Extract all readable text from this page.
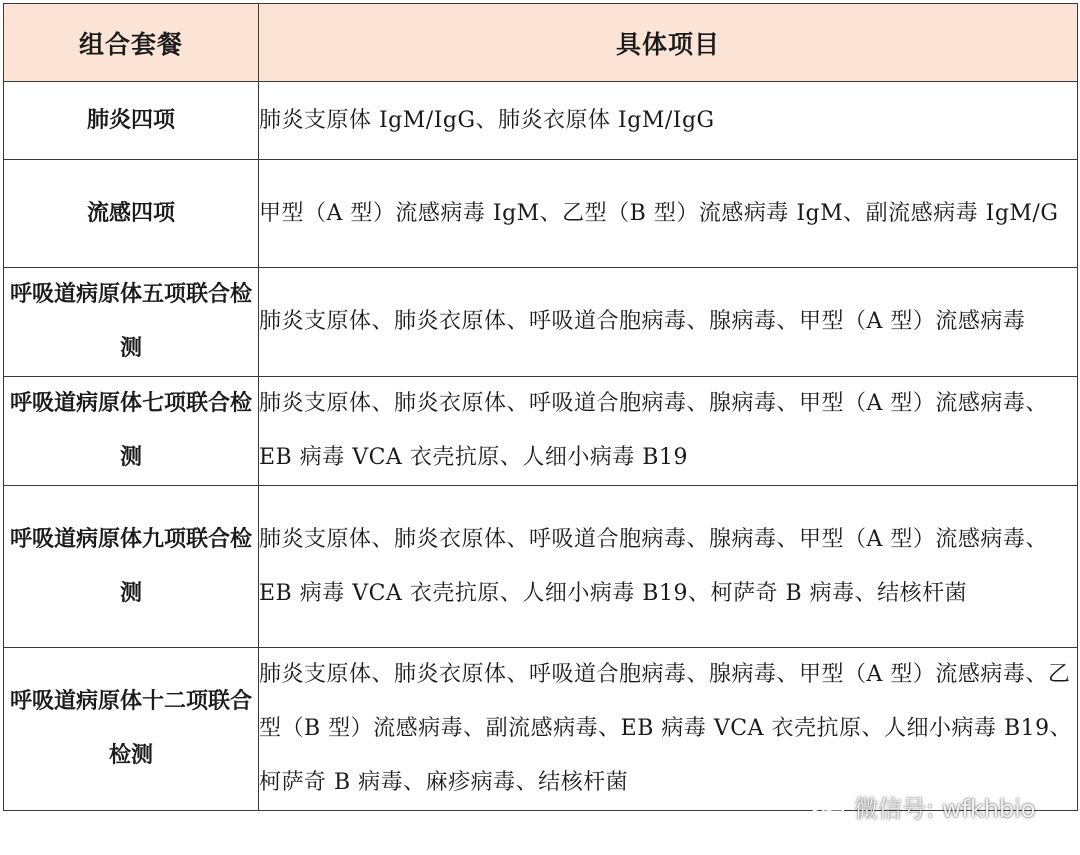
组合套餐	具体项目
肺炎四项	肺炎支原体 IgM/IgG、肺炎衣原体 IgM/IgG
流感四项	甲型（A 型）流感病毒 IgM、乙型（B 型）流感病毒 IgM、副流感病毒 IgM/G
呼吸道病原体五项联合检测	肺炎支原体、肺炎衣原体、呼吸道合胞病毒、腺病毒、甲型（A 型）流感病毒
呼吸道病原体七项联合检测	肺炎支原体、肺炎衣原体、呼吸道合胞病毒、腺病毒、甲型（A 型）流感病毒、EB 病毒 VCA 衣壳抗原、人细小病毒 B19
呼吸道病原体九项联合检测	肺炎支原体、肺炎衣原体、呼吸道合胞病毒、腺病毒、甲型（A 型）流感病毒、EB 病毒 VCA 衣壳抗原、人细小病毒 B19、柯萨奇 B 病毒、结核杆菌
呼吸道病原体十二项联合检测	肺炎支原体、肺炎衣原体、呼吸道合胞病毒、腺病毒、甲型（A 型）流感病毒、乙型（B 型）流感病毒、副流感病毒、EB 病毒 VCA 衣壳抗原、人细小病毒 B19、柯萨奇 B 病毒、麻疹病毒、结核杆菌
微信号: wfkhbio
